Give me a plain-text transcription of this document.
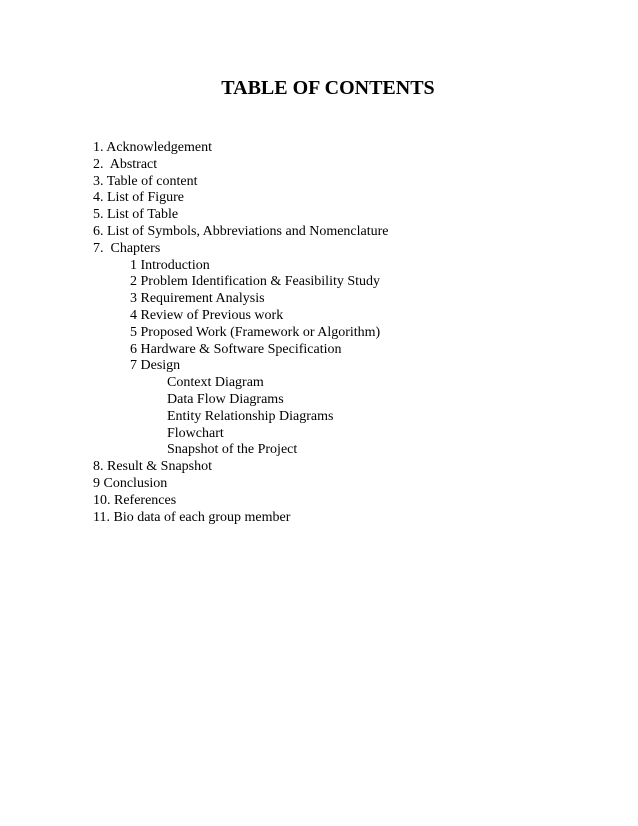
TABLE OF CONTENTS
1. Acknowledgement
2.  Abstract
3. Table of content
4. List of Figure
5. List of Table
6. List of Symbols, Abbreviations and Nomenclature
7.  Chapters
1 Introduction
2 Problem Identification & Feasibility Study
3 Requirement Analysis
4 Review of Previous work
5 Proposed Work (Framework or Algorithm)
6 Hardware & Software Specification
7 Design
Context Diagram
Data Flow Diagrams
Entity Relationship Diagrams
Flowchart
Snapshot of the Project
8. Result & Snapshot
9 Conclusion
10. References
11. Bio data of each group member
